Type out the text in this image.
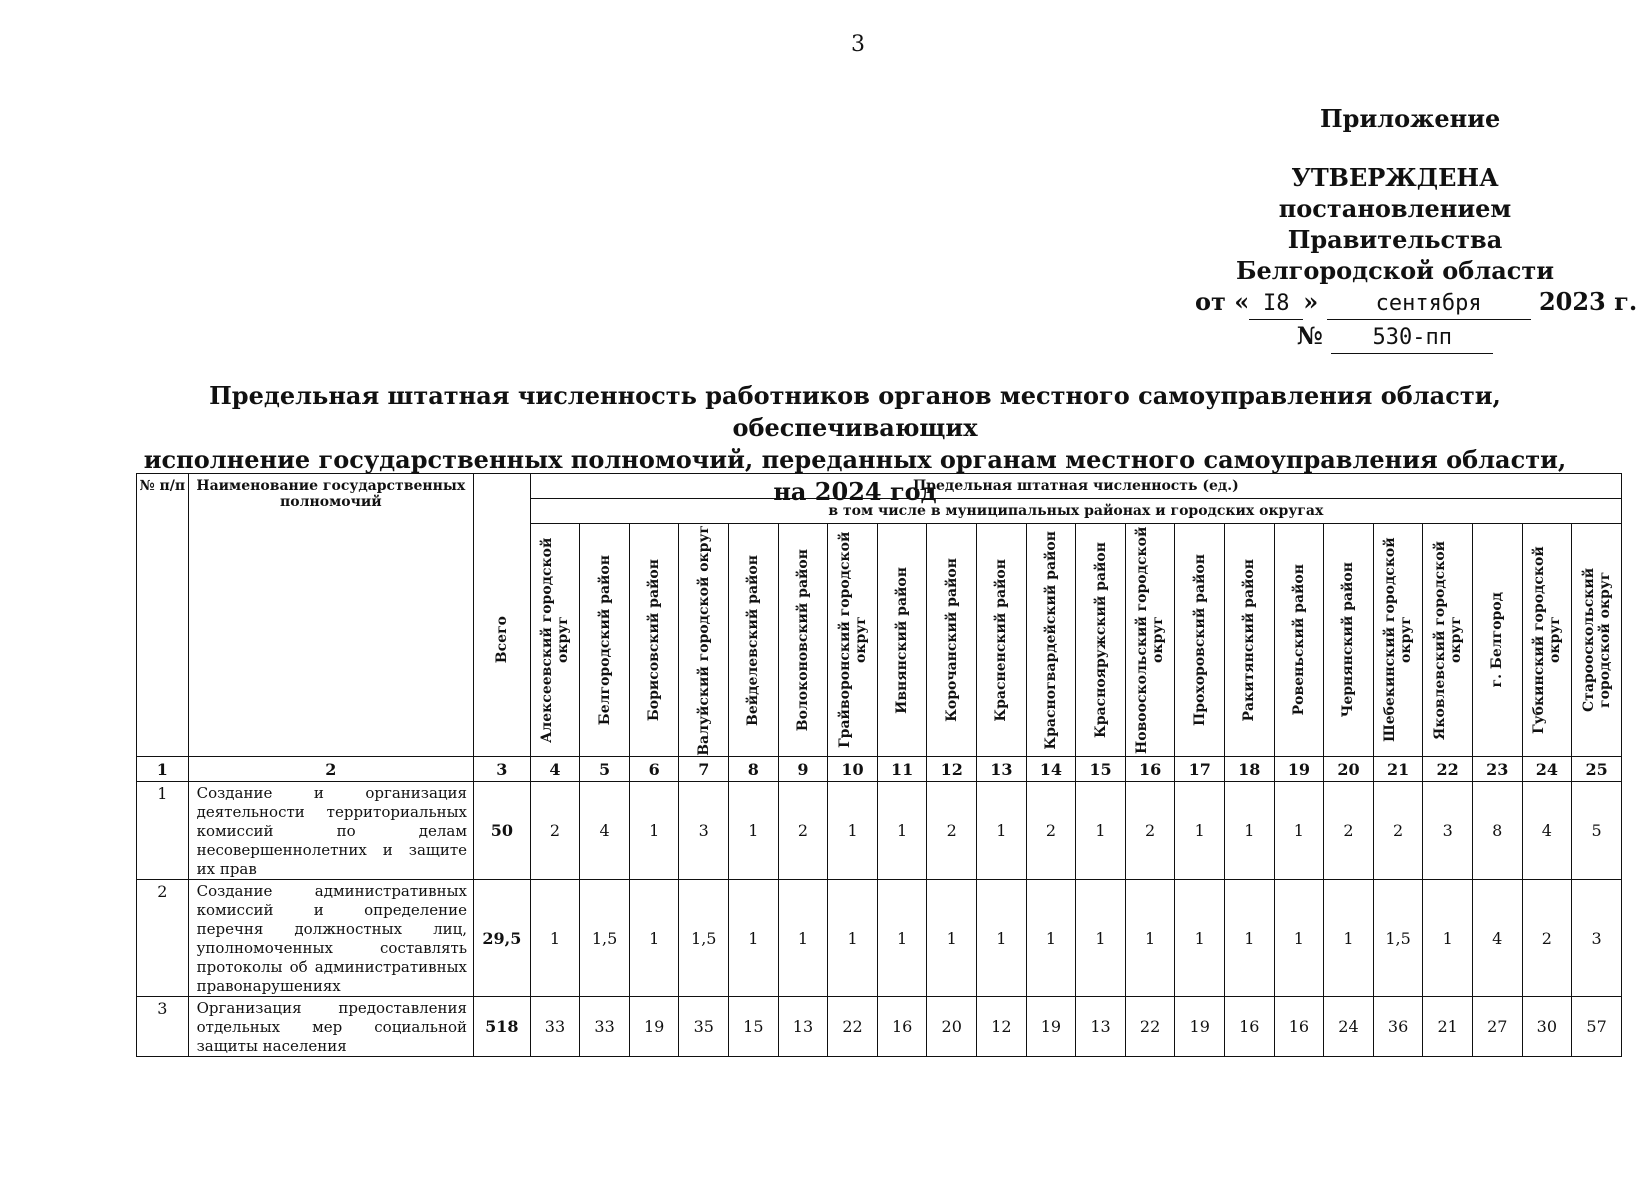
3
Приложение
УТВЕРЖДЕНА
постановлением Правительства
Белгородской области
от « I8 »	сентября 2023 г.
№ 530-пп
Предельная штатная численность работников органов местного самоуправления области, обеспечивающих
исполнение государственных полномочий, переданных органам местного самоуправления области, на 2024 год
№ п/п	Наименование государственных полномочий		Предельная штатная численность (ед.)																					
			в том числе в муниципальных районах и городских округах																					

		Всего	Алексеевский городской округ	Белгородский район	Борисовский район	Валуйский городской округ	Вейделевский район	Волоконовский район	Грайворонский городской округ	Ивнянский район	Корочанский район	Красненский район	Красногвардейский район	Краснояружский район	Новооскольский городской округ	Прохоровский район	Ракитянский район	Ровеньский район	Чернянский район	Шебекинский городской округ	Яковлевский городской округ	г. Белгород	Губкинский городской округ	Старооскольский городской округ

1	2	3	4	5	6	7	8	9	10	11	12	13	14	15	16	17	18	19	20	21	22	23	24	25
1	Создание и организация деятельности территориальных комиссий по делам несовершеннолетних и защите их прав	50	2	4	1	3	1	2	1	1	2	1	2	1	2	1	1	1	2	2	3	8	4	5
2	Создание административных комиссий и определение перечня должностных лиц, уполномоченных составлять протоколы об административных правонарушениях	29,5	1	1,5	1	1,5	1	1	1	1	1	1	1	1	1	1	1	1	1	1,5	1	4	2	3
3	Организация предоставления отдельных мер социальной защиты населения	518	33	33	19	35	15	13	22	16	20	12	19	13	22	19	16	16	24	36	21	27	30	57
